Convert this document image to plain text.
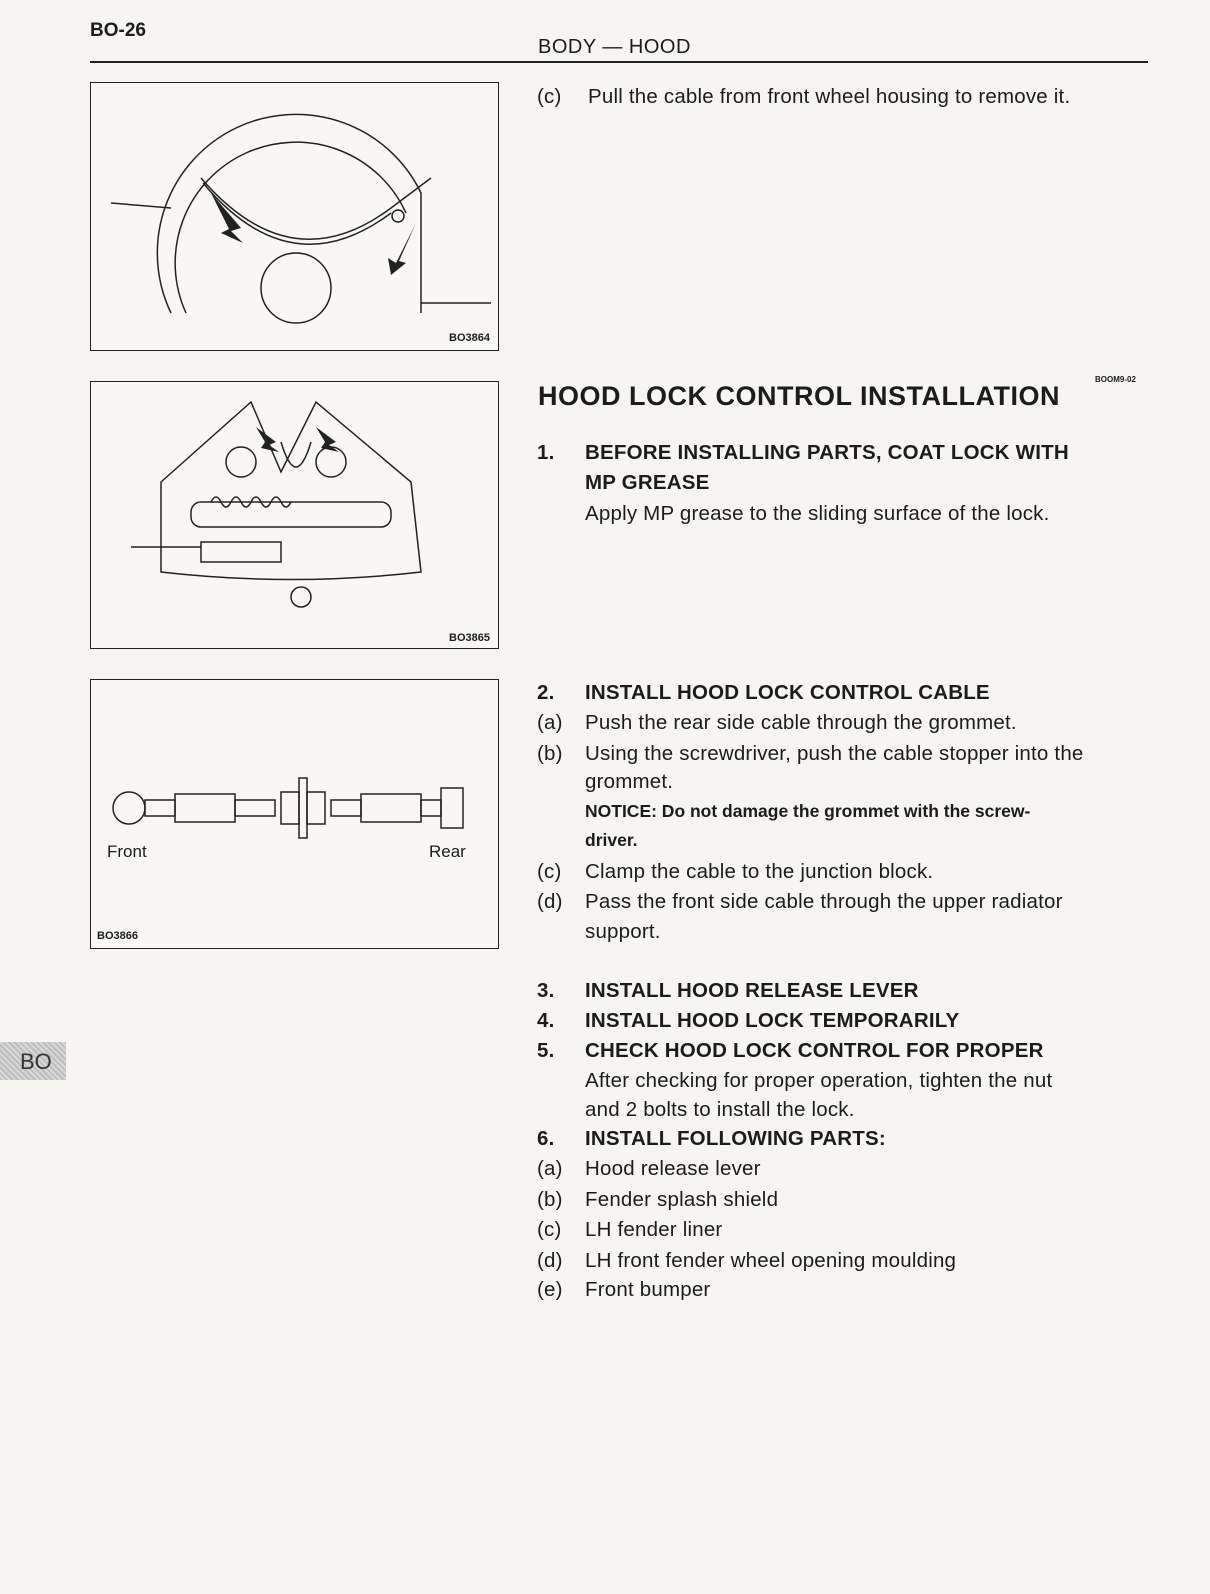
BO-26
BODY — HOOD
BO
BO3864
BO3865
Front	Rear
BO3866
(c) Pull the cable from front wheel housing to remove it.
HOOD LOCK CONTROL INSTALLATION
BOOM9-02
1. BEFORE INSTALLING PARTS, COAT LOCK WITH
MP GREASE
Apply MP grease to the sliding surface of the lock.
2. INSTALL HOOD LOCK CONTROL CABLE
(a) Push the rear side cable through the grommet.
(b) Using the screwdriver, push the cable stopper into the
grommet.
NOTICE: Do not damage the grommet with the screw-
driver.
(c) Clamp the cable to the junction block.
(d) Pass the front side cable through the upper radiator
support.
3. INSTALL HOOD RELEASE LEVER
4. INSTALL HOOD LOCK TEMPORARILY
5. CHECK HOOD LOCK CONTROL FOR PROPER
After checking for proper operation, tighten the nut
and 2 bolts to install the lock.
6. INSTALL FOLLOWING PARTS:
(a) Hood release lever
(b) Fender splash shield
(c) LH fender liner
(d) LH front fender wheel opening moulding
(e) Front bumper
